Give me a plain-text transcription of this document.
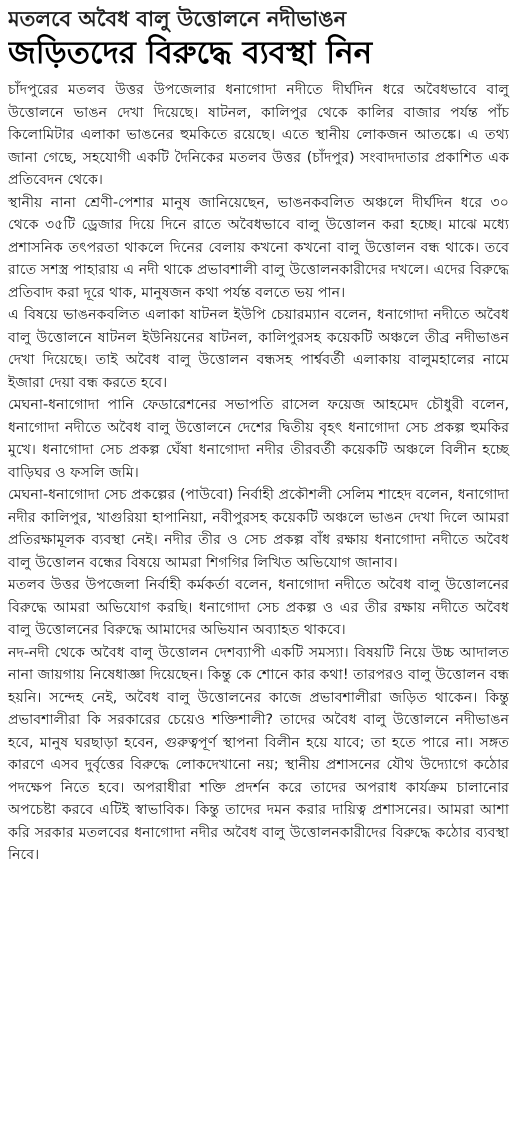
মতলবে অবৈধ বালু উত্তোলনে নদীভাঙন
জড়িতদের বিরুদ্ধে ব্যবস্থা নিন

চাঁদপুরের মতলব উত্তর উপজেলার ধনাগোদা নদীতে দীর্ঘদিন ধরে অবৈধভাবে বালু উত্তোলনে ভাঙন দেখা দিয়েছে। ষাটনল, কালিপুর থেকে কালির বাজার পর্যন্ত পাঁচ কিলোমিটার এলাকা ভাঙনের হুমকিতে রয়েছে। এতে স্থানীয় লোকজন আতঙ্কে। এ তথ্য জানা গেছে, সহযোগী একটি দৈনিকের মতলব উত্তর (চাঁদপুর) সংবাদদাতার প্রকাশিত এক প্রতিবেদন থেকে।

স্থানীয় নানা শ্রেণী-পেশার মানুষ জানিয়েছেন, ভাঙনকবলিত অঞ্চলে দীর্ঘদিন ধরে ৩০ থেকে ৩৫টি ড্রেজার দিয়ে দিনে রাতে অবৈধভাবে বালু উত্তোলন করা হচ্ছে। মাঝে মধ্যে প্রশাসনিক তৎপরতা থাকলে দিনের বেলায় কখনো কখনো বালু উত্তোলন বন্ধ থাকে। তবে রাতে সশস্ত্র পাহারায় এ নদী থাকে প্রভাবশালী বালু উত্তোলনকারীদের দখলে। এদের বিরুদ্ধে প্রতিবাদ করা দূরে থাক, মানুষজন কথা পর্যন্ত বলতে ভয় পান।

এ বিষয়ে ভাঙনকবলিত এলাকা ষাটনল ইউপি চেয়ারম্যান বলেন, ধনাগোদা নদীতে অবৈধ বালু উত্তোলনে ষাটনল ইউনিয়নের ষাটনল, কালিপুরসহ কয়েকটি অঞ্চলে তীব্র নদীভাঙন দেখা দিয়েছে। তাই অবৈধ বালু উত্তোলন বন্ধসহ পার্শ্ববর্তী এলাকায় বালুমহালের নামে ইজারা দেয়া বন্ধ করতে হবে।

মেঘনা-ধনাগোদা পানি ফেডারেশনের সভাপতি রাসেল ফয়েজ আহমেদ চৌধুরী বলেন, ধনাগোদা নদীতে অবৈধ বালু উত্তোলনে দেশের দ্বিতীয় বৃহৎ ধনাগোদা সেচ প্রকল্প হুমকির মুখে। ধনাগোদা সেচ প্রকল্প ঘেঁষা ধনাগোদা নদীর তীরবর্তী কয়েকটি অঞ্চলে বিলীন হচ্ছে বাড়িঘর ও ফসলি জমি।

মেঘনা-ধনাগোদা সেচ প্রকল্পের (পাউবো) নির্বাহী প্রকৌশলী সেলিম শাহেদ বলেন, ধনাগোদা নদীর কালিপুর, খাগুরিয়া হাপানিয়া, নবীপুরসহ কয়েকটি অঞ্চলে ভাঙন দেখা দিলে আমরা প্রতিরক্ষামূলক ব্যবস্থা নেই। নদীর তীর ও সেচ প্রকল্প বাঁধ রক্ষায় ধনাগোদা নদীতে অবৈধ বালু উত্তোলন বন্ধের বিষয়ে আমরা শিগগির লিখিত অভিযোগ জানাব।

মতলব উত্তর উপজেলা নির্বাহী কর্মকর্তা বলেন, ধনাগোদা নদীতে অবৈধ বালু উত্তোলনের বিরুদ্ধে আমরা অভিযোগ করছি। ধনাগোদা সেচ প্রকল্প ও এর তীর রক্ষায় নদীতে অবৈধ বালু উত্তোলনের বিরুদ্ধে আমাদের অভিযান অব্যাহত থাকবে।

নদ-নদী থেকে অবৈধ বালু উত্তোলন দেশব্যাপী একটি সমস্যা। বিষয়টি নিয়ে উচ্চ আদালত নানা জায়গায় নিষেধাজ্ঞা দিয়েছেন। কিন্তু কে শোনে কার কথা! তারপরও বালু উত্তোলন বন্ধ হয়নি। সন্দেহ নেই, অবৈধ বালু উত্তোলনের কাজে প্রভাবশালীরা জড়িত থাকেন। কিন্তু প্রভাবশালীরা কি সরকারের চেয়েও শক্তিশালী? তাদের অবৈধ বালু উত্তোলনে নদীভাঙন হবে, মানুষ ঘরছাড়া হবেন, গুরুত্বপূর্ণ স্থাপনা বিলীন হয়ে যাবে; তা হতে পারে না। সঙ্গত কারণে এসব দুর্বৃত্তের বিরুদ্ধে লোকদেখানো নয়; স্থানীয় প্রশাসনের যৌথ উদ্যোগে কঠোর পদক্ষেপ নিতে হবে। অপরাধীরা শক্তি প্রদর্শন করে তাদের অপরাধ কার্যক্রম চালানোর অপচেষ্টা করবে এটিই স্বাভাবিক। কিন্তু তাদের দমন করার দায়িত্ব প্রশাসনের। আমরা আশা করি সরকার মতলবের ধনাগোদা নদীর অবৈধ বালু উত্তোলনকারীদের বিরুদ্ধে কঠোর ব্যবস্থা নিবে।
